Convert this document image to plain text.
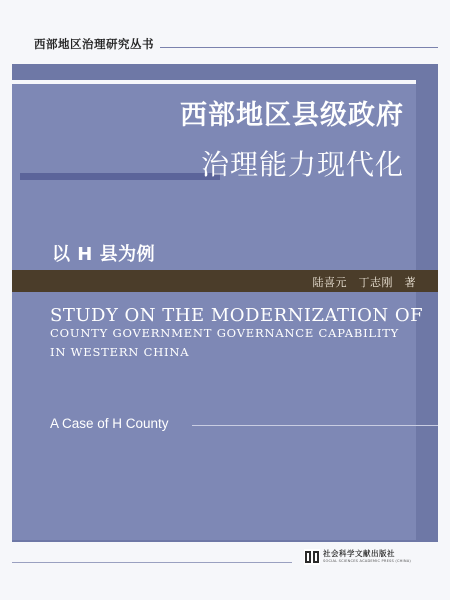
西部地区治理研究丛书
西部地区县级政府
治理能力现代化
以 H 县为例
陆喜元　丁志刚　著
STUDY ON THE MODERNIZATION OF
COUNTY GOVERNMENT GOVERNANCE CAPABILITY
IN WESTERN CHINA
A Case of H County
社会科学文献出版社
SOCIAL SCIENCES ACADEMIC PRESS (CHINA)
